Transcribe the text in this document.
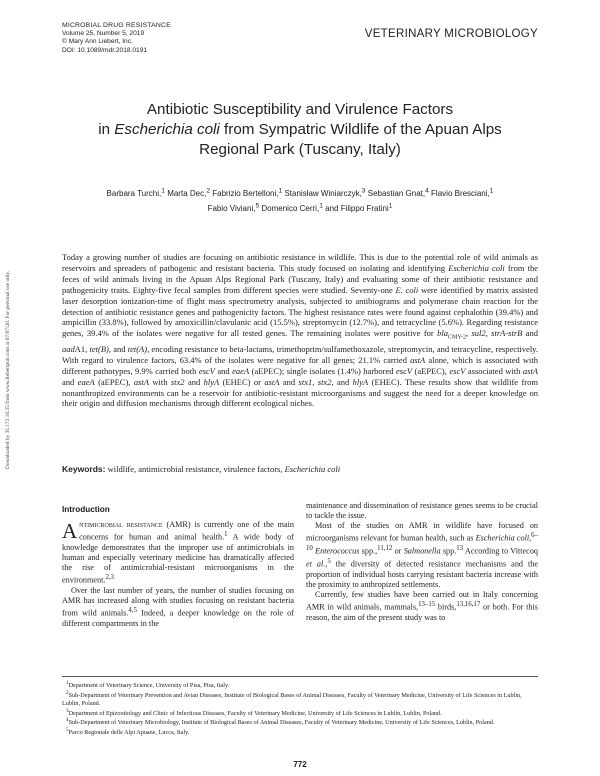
MICROBIAL DRUG RESISTANCE
Volume 25, Number 5, 2019
© Mary Ann Liebert, Inc.
DOI: 10.1089/mdr.2018.0191
VETERINARY MICROBIOLOGY
Antibiotic Susceptibility and Virulence Factors
in Escherichia coli from Sympatric Wildlife of the Apuan Alps
Regional Park (Tuscany, Italy)
Barbara Turchi,$^1$ Marta Dec,$^2$ Fabrizio Bertelloni,$^1$ Stanisław Winiarczyk,$^3$ Sebastian Gnat,$^4$ Flavio Bresciani,$^1$
Fabio Viviani,$^5$ Domenico Cerri,$^1$ and Filippo Fratini$^1$
Downloaded by 35.173.16.35 from www.liebertpub.com at 07/07/20. For personal use only.
Today a growing number of studies are focusing on antibiotic resistance in wildlife. This is due to the potential role of wild animals as reservoirs and spreaders of pathogenic and resistant bacteria. This study focused on isolating and identifying Escherichia coli from the feces of wild animals living in the Apuan Alps Regional Park (Tuscany, Italy) and evaluating some of their antibiotic resistance and pathogenicity traits. Eighty-five fecal samples from different species were studied. Seventy-one E. coli were identified by matrix assisted laser desorption ionization-time of flight mass spectrometry analysis, subjected to antibiograms and polymerase chain reaction for the detection of antibiotic resistance genes and pathogenicity factors. The highest resistance rates were found against cephalothin (39.4%) and ampicillin (33.8%), followed by amoxicillin/clavulanic acid (15.5%), streptomycin (12.7%), and tetracycline (5.6%). Regarding resistance genes, 39.4% of the isolates were negative for all tested genes. The remaining isolates were positive for bla$_{CMY-2}$, sul2, strA-strB and aadA1, tet(B), and tet(A), encoding resistance to beta-lactams, trimethoprim/sulfamethoxazole, streptomycin, and tetracycline, respectively. With regard to virulence factors, 63.4% of the isolates were negative for all genes; 21.1% carried astA alone, which is associated with different pathotypes, 9.9% carried both escV and eaeA (aEPEC); single isolates (1.4%) harbored escV (aEPEC), escV associated with astA and eaeA (aEPEC), astA with stx2 and hlyA (EHEC) or astA and stx1, stx2, and hlyA (EHEC). These results show that wildlife from nonanthropized environments can be a reservoir for antibiotic-resistant microorganisms and suggest the need for a deeper knowledge on their origin and diffusion mechanisms through different ecological niches.
Keywords: wildlife, antimicrobial resistance, virulence factors, Escherichia coli
Introduction

Antimicrobial resistance (AMR) is currently one of the main concerns for human and animal health.$^1$ A wide body of knowledge demonstrates that the improper use of antimicrobials in human and especially veterinary medicine has dramatically affected the rise of antimicrobial-resistant microorganisms in the environment.$^{2,3}$

Over the last number of years, the number of studies focusing on AMR has increased along with studies focusing on resistant bacteria from wild animals.$^{4,5}$ Indeed, a deeper knowledge on the role of different compartments in the

maintenance and dissemination of resistance genes seems to be crucial to tackle the issue.

Most of the studies on AMR in wildlife have focused on microorganisms relevant for human health, such as Escherichia coli,$^{6-10}$ Enterococcus spp.,$^{11,12}$ or Salmonella spp.$^{13}$ According to Vittecoq et al.,$^5$ the diversity of detected resistance mechanisms and the proportion of individual hosts carrying resistant bacteria increase with the proximity to anthropized settlements.

Currently, few studies have been carried out in Italy concerning AMR in wild animals, mammals,$^{13-15}$ birds,$^{13,16,17}$ or both. For this reason, the aim of the present study was to

$^1$Department of Veterinary Science, University of Pisa, Pisa, Italy.
$^2$Sub-Department of Veterinary Prevention and Avian Diseases, Institute of Biological Bases of Animal Diseases, Faculty of Veterinary Medicine, University of Life Sciences in Lublin, Lublin, Poland.
$^3$Department of Epizootiology and Clinic of Infectious Diseases, Faculty of Veterinary Medicine, University of Life Sciences in Lublin, Lublin, Poland.
$^4$Sub-Department of Veterinary Microbiology, Institute of Biological Bases of Animal Diseases, Faculty of Veterinary Medicine, University of Life Sciences, Lublin, Poland.
$^5$Parco Regionale delle Alpi Apuane, Lucca, Italy.
772
